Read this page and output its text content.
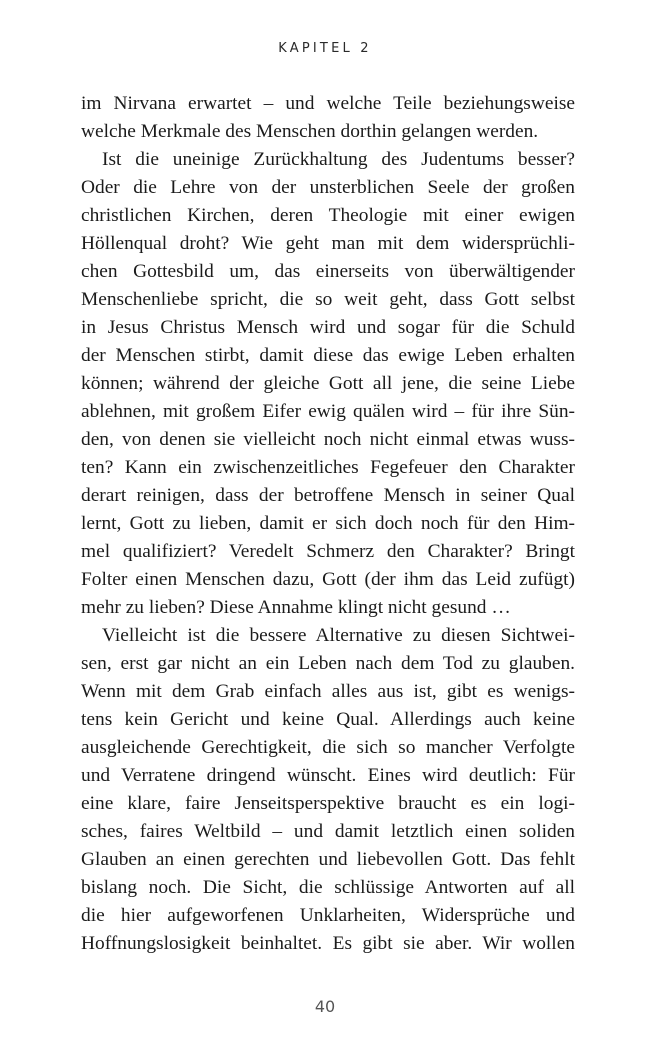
KAPITEL 2
im Nirvana erwartet – und welche Teile beziehungsweise
welche Merkmale des Menschen dorthin gelangen werden.
Ist die uneinige Zurückhaltung des Judentums besser?
Oder die Lehre von der unsterblichen Seele der großen
christlichen Kirchen, deren Theologie mit einer ewigen
Höllenqual droht? Wie geht man mit dem widersprüchli-
chen Gottesbild um, das einerseits von überwältigender
Menschenliebe spricht, die so weit geht, dass Gott selbst
in Jesus Christus Mensch wird und sogar für die Schuld
der Menschen stirbt, damit diese das ewige Leben erhalten
können; während der gleiche Gott all jene, die seine Liebe
ablehnen, mit großem Eifer ewig quälen wird – für ihre Sün-
den, von denen sie vielleicht noch nicht einmal etwas wuss-
ten? Kann ein zwischenzeitliches Fegefeuer den Charakter
derart reinigen, dass der betroffene Mensch in seiner Qual
lernt, Gott zu lieben, damit er sich doch noch für den Him-
mel qualifiziert? Veredelt Schmerz den Charakter? Bringt
Folter einen Menschen dazu, Gott (der ihm das Leid zufügt)
mehr zu lieben? Diese Annahme klingt nicht gesund …
Vielleicht ist die bessere Alternative zu diesen Sichtwei-
sen, erst gar nicht an ein Leben nach dem Tod zu glauben.
Wenn mit dem Grab einfach alles aus ist, gibt es wenigs-
tens kein Gericht und keine Qual. Allerdings auch keine
ausgleichende Gerechtigkeit, die sich so mancher Verfolgte
und Verratene dringend wünscht. Eines wird deutlich: Für
eine klare, faire Jenseitsperspektive braucht es ein logi-
sches, faires Weltbild – und damit letztlich einen soliden
Glauben an einen gerechten und liebevollen Gott. Das fehlt
bislang noch. Die Sicht, die schlüssige Antworten auf all
die hier aufgeworfenen Unklarheiten, Widersprüche und
Hoffnungslosigkeit beinhaltet. Es gibt sie aber. Wir wollen
40
